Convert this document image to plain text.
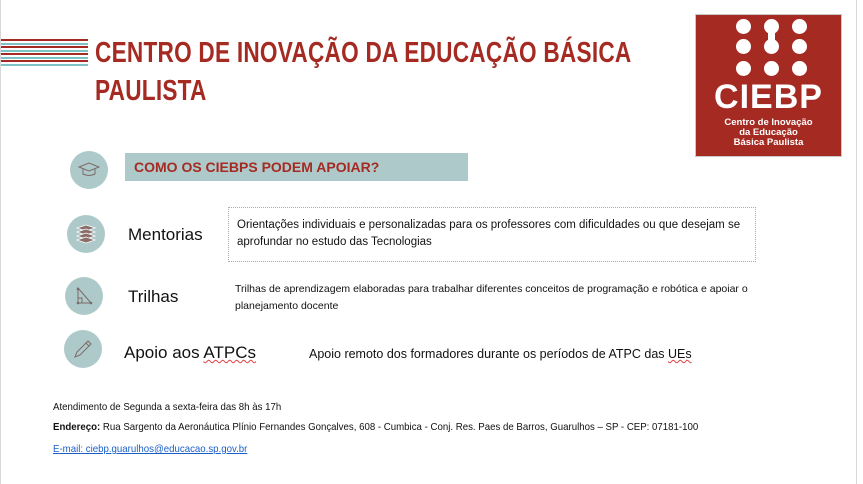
CENTRO DE INOVAÇÃO DA EDUCAÇÃO BÁSICA
PAULISTA	CIEBP
Centro de Inovação
da Educação
Básica Paulista
COMO OS CIEBPS PODEM APOIAR?
Mentorias	Orientações individuais e personalizadas para os professores com dificuldades ou que desejam se aprofundar no estudo das Tecnologias
Trilhas	Trilhas de aprendizagem elaboradas para trabalhar diferentes conceitos de programação e robótica e apoiar o planejamento docente
Apoio aos ATPCs	Apoio remoto dos formadores durante os períodos de ATPC das UEs
Atendimento de Segunda a sexta-feira das 8h às 17h
Endereço: Rua Sargento da Aeronáutica Plínio Fernandes Gonçalves, 608 - Cumbica - Conj. Res. Paes de Barros, Guarulhos – SP - CEP: 07181-100
E-mail: ciebp.guarulhos@educacao.sp.gov.br
